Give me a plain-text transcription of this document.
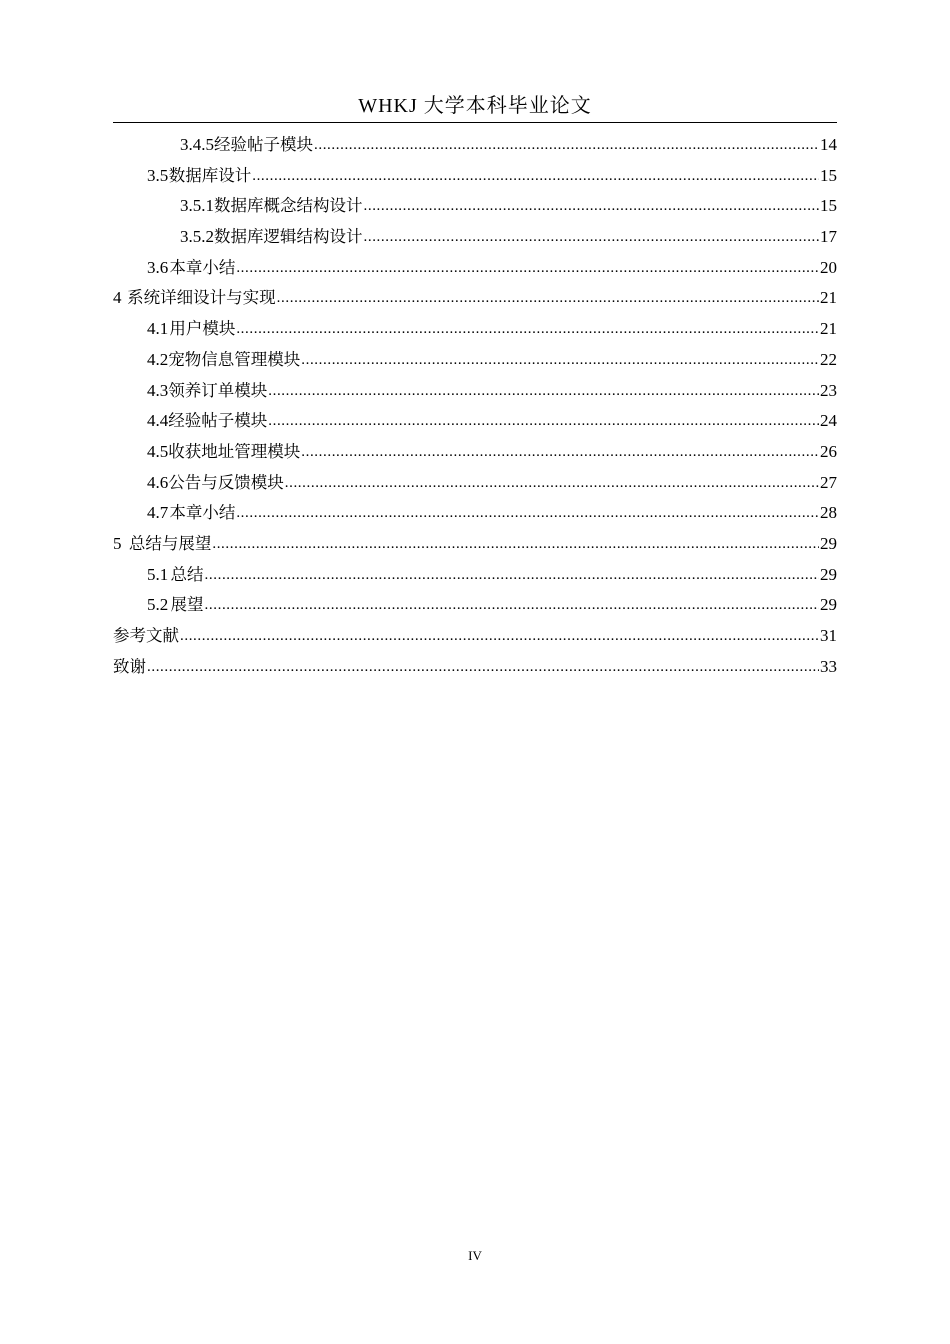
WHKJ 大学本科毕业论文
3.4.5 经验帖子模块 .....	14
3.5 数据库设计 .....	15
3.5.1 数据库概念结构设计 .....	15
3.5.2 数据库逻辑结构设计 .....	17
3.6 本章小结 .....	20
4 系统详细设计与实现 .....	21
4.1 用户模块 .....	21
4.2 宠物信息管理模块 .....	22
4.3 领养订单模块 .....	23
4.4 经验帖子模块 .....	24
4.5 收获地址管理模块 .....	26
4.6 公告与反馈模块 .....	27
4.7 本章小结 .....	28
5 总结与展望 .....	29
5.1 总结 .....	29
5.2 展望 .....	29
参考文献 .....	31
致谢 .....	33
IV
